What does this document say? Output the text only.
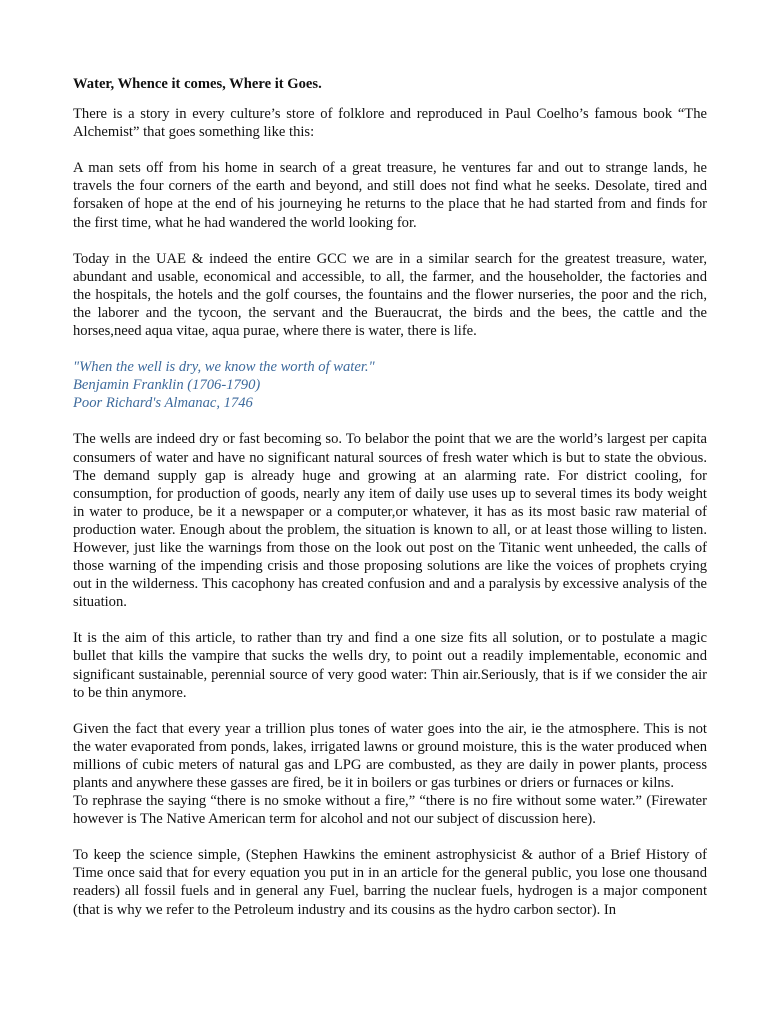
Water, Whence it comes, Where it Goes.

There is a story in every culture’s store of folklore and reproduced in Paul Coelho’s famous book “The Alchemist” that goes something like this:

A man sets off from his home in search of a great treasure, he ventures far and out to strange lands, he travels the four corners of the earth and beyond, and still does not find what he seeks. Desolate, tired and forsaken of hope at the end of his journeying he returns to the place that he had started from and finds for the first time, what he had wandered the world looking for.

Today in the UAE & indeed the entire GCC we are in a similar search for the greatest treasure, water, abundant and usable, economical and accessible, to all, the farmer, and the householder, the factories and the hospitals, the hotels and the golf courses, the fountains and the flower nurseries, the poor and the rich, the laborer and the tycoon, the servant and the Bueraucrat, the birds and the bees, the cattle and the horses,need aqua vitae, aqua purae, where there is water, there is life.

"When the well is dry, we know the worth of water."
Benjamin Franklin (1706-1790)
Poor Richard's Almanac, 1746

The wells are indeed dry or fast becoming so. To belabor the point that we are the world’s largest per capita consumers of water and have no significant natural sources of fresh water which is but to state the obvious. The demand supply gap is already huge and growing at an alarming rate. For district cooling, for consumption, for production of goods, nearly any item of daily use uses up to several times its body weight in water to produce, be it a newspaper or a computer,or whatever, it has as its most basic raw material of production water. Enough about the problem, the situation is known to all, or at least those willing to listen. However, just like the warnings from those on the look out post on the Titanic went unheeded, the calls of those warning of the impending crisis and those proposing solutions are like the voices of prophets crying out in the wilderness. This cacophony has created confusion and and a paralysis by excessive analysis of the situation.

It is the aim of this article, to rather than try and find a one size fits all solution, or to postulate a magic bullet that kills the vampire that sucks the wells dry, to point out a readily implementable, economic and significant sustainable, perennial source of very good water: Thin air.Seriously, that is if we consider the air to be thin anymore.

Given the fact that every year a trillion plus tones of water goes into the air, ie the atmosphere. This is not the water evaporated from ponds, lakes, irrigated lawns or ground moisture, this is the water produced when millions of cubic meters of natural gas and LPG are combusted, as they are daily in power plants, process plants and anywhere these gasses are fired, be it in boilers or gas turbines or driers or furnaces or kilns.

To rephrase the saying “there is no smoke without a fire,” “there is no fire without some water.” (Firewater however is The Native American term for alcohol and not our subject of discussion here).

To keep the science simple, (Stephen Hawkins the eminent astrophysicist & author of a Brief History of Time once said that for every equation you put in in an article for the general public, you lose one thousand readers) all fossil fuels and in general any Fuel, barring the nuclear fuels, hydrogen is a major component (that is why we refer to the Petroleum industry and its cousins as the hydro carbon sector). In
